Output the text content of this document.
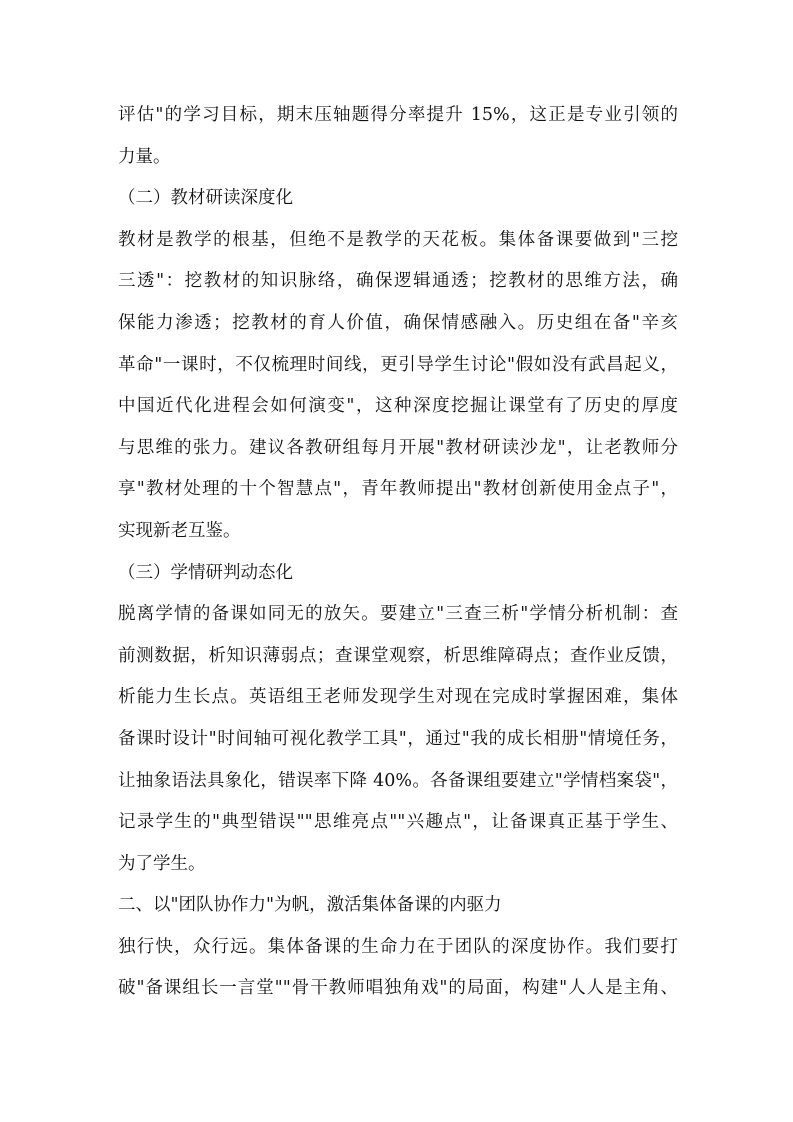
评估"的学习目标，期末压轴题得分率提升 15%，这正是专业引领的
力量。
（二）教材研读深度化
教材是教学的根基，但绝不是教学的天花板。集体备课要做到"三挖
三透"：挖教材的知识脉络，确保逻辑通透；挖教材的思维方法，确
保能力渗透；挖教材的育人价值，确保情感融入。历史组在备"辛亥
革命"一课时，不仅梳理时间线，更引导学生讨论"假如没有武昌起义，
中国近代化进程会如何演变"，这种深度挖掘让课堂有了历史的厚度
与思维的张力。建议各教研组每月开展"教材研读沙龙"，让老教师分
享"教材处理的十个智慧点"，青年教师提出"教材创新使用金点子"，
实现新老互鉴。
（三）学情研判动态化
脱离学情的备课如同无的放矢。要建立"三查三析"学情分析机制：查
前测数据，析知识薄弱点；查课堂观察，析思维障碍点；查作业反馈，
析能力生长点。英语组王老师发现学生对现在完成时掌握困难，集体
备课时设计"时间轴可视化教学工具"，通过"我的成长相册"情境任务，
让抽象语法具象化，错误率下降 40%。各备课组要建立"学情档案袋"，
记录学生的"典型错误""思维亮点""兴趣点"，让备课真正基于学生、
为了学生。
二、以"团队协作力"为帆，激活集体备课的内驱力
独行快，众行远。集体备课的生命力在于团队的深度协作。我们要打
破"备课组长一言堂""骨干教师唱独角戏"的局面，构建"人人是主角、
